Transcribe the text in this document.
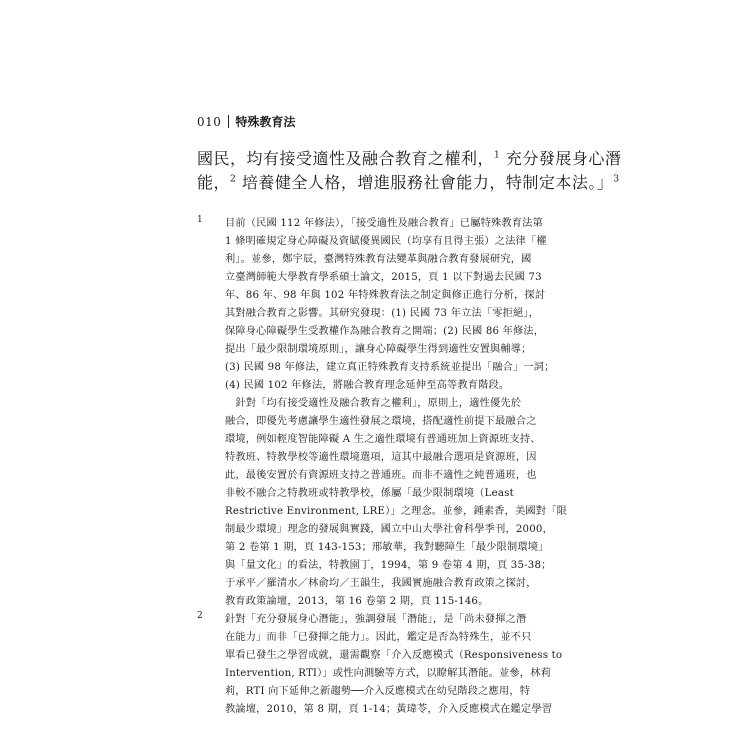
010 特殊教育法

國民，均有接受適性及融合教育之權利，$^1$ 充分發展身心潛

能，$^2$ 培養健全人格，增進服務社會能力，特制定本法。」$^3$

1 目前（民國 112 年修法），「接受適性及融合教育」已屬特殊教育法第

1 條明確規定身心障礙及資賦優異國民（均享有且得主張）之法律「權

利」。並參，鄭宇辰，臺灣特殊教育法變革與融合教育發展研究，國

立臺灣師範大學教育學系碩士論文，2015，頁 1 以下對過去民國 73

年、86 年、98 年與 102 年特殊教育法之制定與修正進行分析，探討

其對融合教育之影響。其研究發現：(1) 民國 73 年立法「零拒絕」，

保障身心障礙學生受教權作為融合教育之開端；(2) 民國 86 年修法，

提出「最少限制環境原則」，讓身心障礙學生得到適性安置與輔導；

(3) 民國 98 年修法，建立真正特殊教育支持系統並提出「融合」一詞；

(4) 民國 102 年修法，將融合教育理念延伸至高等教育階段。

　針對「均有接受適性及融合教育之權利」，原則上，適性優先於

融合，即優先考慮讓學生適性發展之環境，搭配適性前提下最融合之

環境，例如輕度智能障礙 A 生之適性環境有普通班加上資源班支持、

特教班、特教學校等適性環境選項，這其中最融合選項是資源班，因

此，最後安置於有資源班支持之普通班。而非不適性之純普通班，也

非較不融合之特教班或特教學校，係屬「最少限制環境（Least

Restrictive Environment, LRE）」之理念。並參，鍾素香，美國對「限

制最少環境」理念的發展與實踐，國立中山大學社會科學季刊，2000，

第 2 卷第 1 期，頁 143-153；邢敏華，我對聽障生「最少限制環境」

與「量文化」的看法，特教園丁，1994，第 9 卷第 4 期，頁 35-38；

于承平／羅清水／林俞均／王韻生，我國實施融合教育政策之探討，

教育政策論壇，2013，第 16 卷第 2 期，頁 115-146。

2 針對「充分發展身心潛能」，強調發展「潛能」，是「尚未發揮之潛

在能力」而非「已發揮之能力」。因此，鑑定是否為特殊生，並不只

單看已發生之學習成就，還需觀察「介入反應模式（Responsiveness to

Intervention, RTI）」或性向測驗等方式，以瞭解其潛能。並參，林莉

莉，RTI 向下延伸之新趨勢──介入反應模式在幼兒階段之應用，特

教論壇，2010，第 8 期，頁 1-14；黃瑋苓，介入反應模式在鑑定學習
